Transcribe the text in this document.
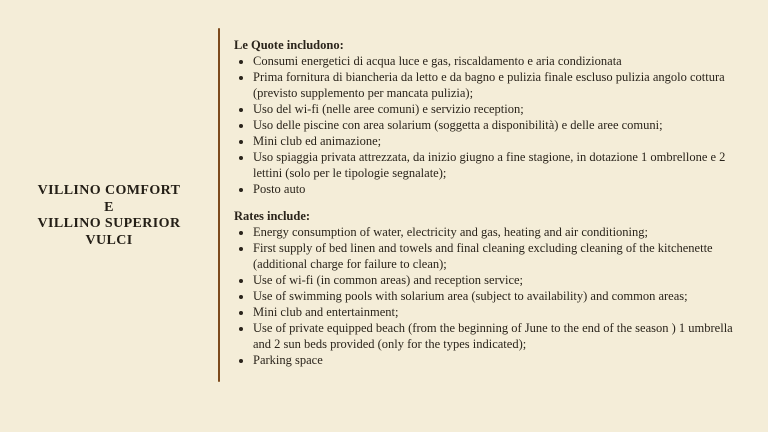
VILLINO COMFORT
E
VILLINO SUPERIOR
VULCI
Le Quote includono:
• Consumi energetici di acqua luce e gas, riscaldamento e aria condizionata
• Prima fornitura di biancheria da letto e da bagno e pulizia finale escluso pulizia angolo cottura (previsto supplemento per mancata pulizia);
• Uso del wi-fi (nelle aree comuni) e servizio reception;
• Uso delle piscine con area solarium (soggetta a disponibilità) e delle aree comuni;
• Mini club ed animazione;
• Uso spiaggia privata attrezzata, da inizio giugno a fine stagione, in dotazione 1 ombrellone e 2 lettini (solo per le tipologie segnalate);
• Posto auto
Rates include:
• Energy consumption of water, electricity and gas, heating and air conditioning;
• First supply of bed linen and towels and final cleaning excluding cleaning of the kitchenette (additional charge for failure to clean);
• Use of wi-fi (in common areas) and reception service;
• Use of swimming pools with solarium area (subject to availability) and common areas;
• Mini club and entertainment;
• Use of private equipped beach (from the beginning of June to the end of the season ) 1 umbrella and 2 sun beds provided (only for the types indicated);
• Parking space
